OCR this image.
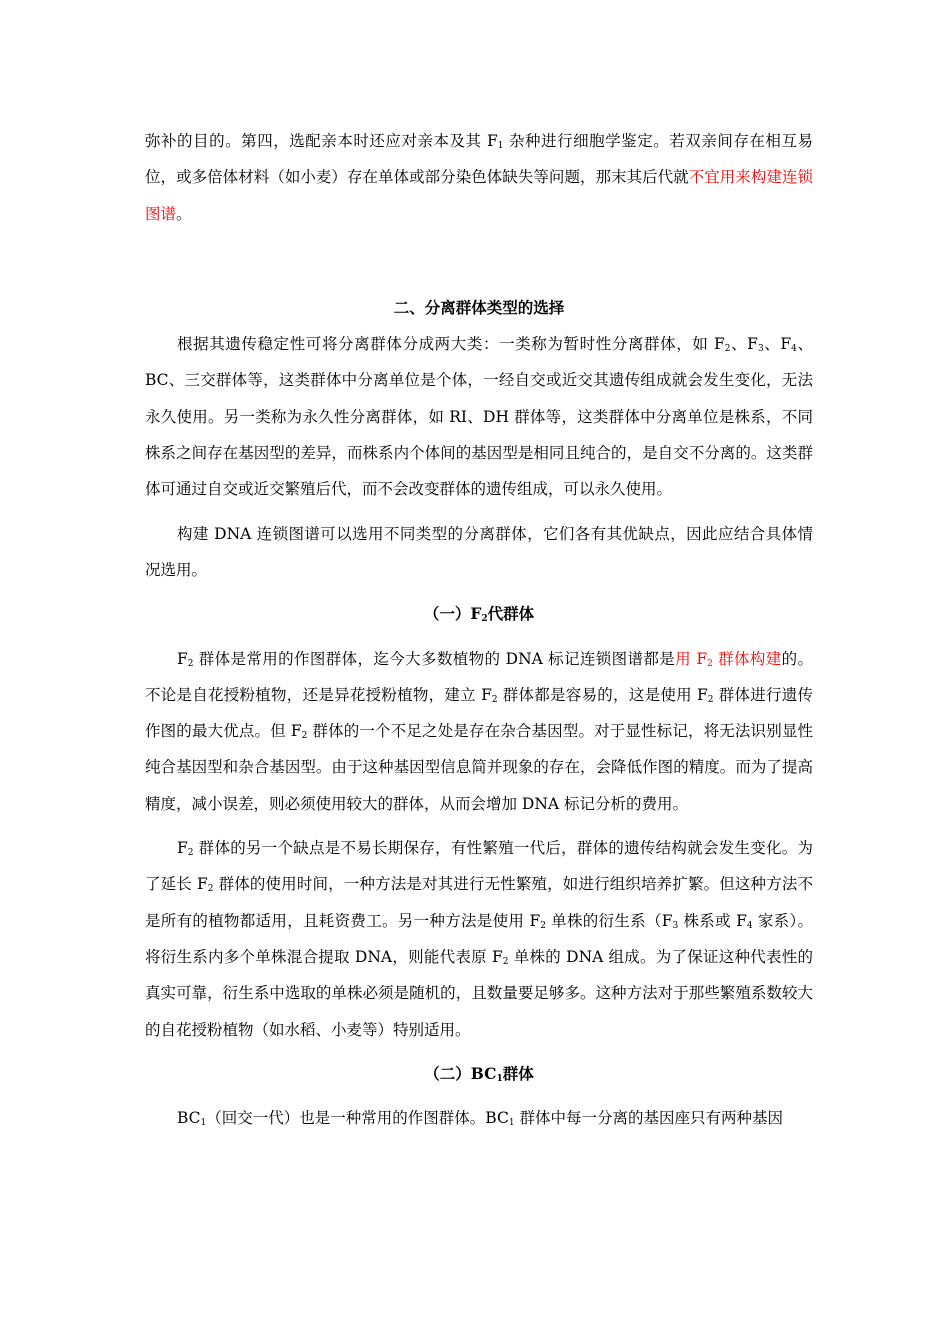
弥补的目的。第四，选配亲本时还应对亲本及其 $F_1$ 杂种进行细胞学鉴定。若双亲间存在相互易位，或多倍体材料（如小麦）存在单体或部分染色体缺失等问题，那末其后代就不宜用来构建连锁图谱。

二、分离群体类型的选择

根据其遗传稳定性可将分离群体分成两大类：一类称为暂时性分离群体，如 $F_2$、$F_3$、$F_4$、BC、三交群体等，这类群体中分离单位是个体，一经自交或近交其遗传组成就会发生变化，无法永久使用。另一类称为永久性分离群体，如 RI、DH 群体等，这类群体中分离单位是株系，不同株系之间存在基因型的差异，而株系内个体间的基因型是相同且纯合的，是自交不分离的。这类群体可通过自交或近交繁殖后代，而不会改变群体的遗传组成，可以永久使用。

构建 DNA 连锁图谱可以选用不同类型的分离群体，它们各有其优缺点，因此应结合具体情况选用。

（一）$F_2$代群体

$F_2$ 群体是常用的作图群体，迄今大多数植物的 DNA 标记连锁图谱都是用 $F_2$ 群体构建的。不论是自花授粉植物，还是异花授粉植物，建立 $F_2$ 群体都是容易的，这是使用 $F_2$ 群体进行遗传作图的最大优点。但 $F_2$ 群体的一个不足之处是存在杂合基因型。对于显性标记，将无法识别显性纯合基因型和杂合基因型。由于这种基因型信息简并现象的存在，会降低作图的精度。而为了提高精度，减小误差，则必须使用较大的群体，从而会增加 DNA 标记分析的费用。

$F_2$ 群体的另一个缺点是不易长期保存，有性繁殖一代后，群体的遗传结构就会发生变化。为了延长 $F_2$ 群体的使用时间，一种方法是对其进行无性繁殖，如进行组织培养扩繁。但这种方法不是所有的植物都适用，且耗资费工。另一种方法是使用 $F_2$ 单株的衍生系（$F_3$ 株系或 $F_4$ 家系）。将衍生系内多个单株混合提取 DNA，则能代表原 $F_2$ 单株的 DNA 组成。为了保证这种代表性的真实可靠，衍生系中选取的单株必须是随机的，且数量要足够多。这种方法对于那些繁殖系数较大的自花授粉植物（如水稻、小麦等）特别适用。

（二）$BC_1$群体

$BC_1$（回交一代）也是一种常用的作图群体。$BC_1$ 群体中每一分离的基因座只有两种基因
